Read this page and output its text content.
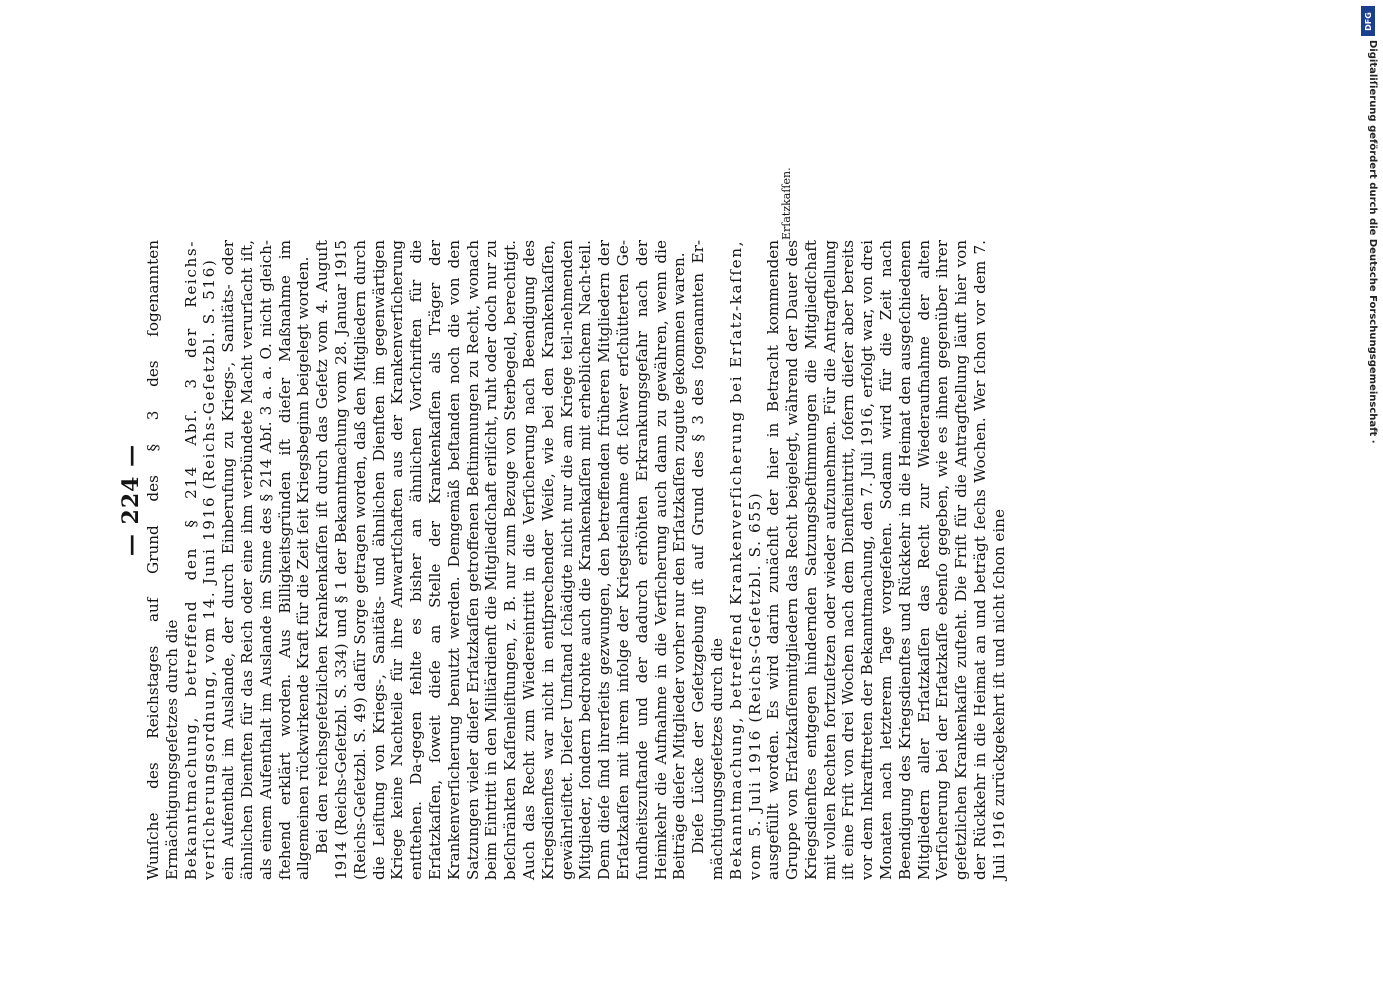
— 224 —
Erſatzkaſſen.

Wunſche des Reichstages auf Grund des § 3 des ſogenannten Ermächtigungsgeſetzes durch die Bekanntmachung, betreffend den § 214 Abſ. 3 der Reichs-verſicherungsordnung, vom 14. Juni 1916 (Reichs-Geſetzbl. S. 516) ein Aufenthalt im Auslande, der durch Einberufung zu Kriegs-, Sanitäts- oder ähnlichen Dienſten für das Reich oder eine ihm verbündete Macht verurſacht iſt, als einem Aufenthalt im Auslande im Sinne des § 214 Abſ. 3 a. a. O. nicht gleich-ſtehend erklärt worden. Aus Billigkeitsgründen iſt dieſer Maßnahme im allgemeinen rückwirkende Kraft für die Zeit ſeit Kriegsbeginn beigelegt worden. Bei den reichsgeſetzlichen Krankenkaſſen iſt durch das Geſetz vom 4. Auguſt 1914 (Reichs-Geſetzbl. S. 334) und § 1 der Bekanntmachung vom 28. Januar 1915 (Reichs-Geſetzbl. S. 49) dafür Sorge getragen worden, daß den Mitgliedern durch die Leiſtung von Kriegs-, Sanitäts- und ähnlichen Dienſten im gegenwärtigen Kriege keine Nachteile für ihre Anwartſchaften aus der Krankenverſicherung entſtehen. Da-gegen fehlte es bisher an ähnlichen Vorſchriften für die Erſatzkaſſen, ſoweit dieſe an Stelle der Krankenkaſſen als Träger der Krankenverſicherung benutzt werden. Demgemäß beſtanden noch die von den Satzungen vieler dieſer Erſatzkaſſen getroffenen Beſtimmungen zu Recht, wonach beim Eintritt in den Militärdienſt die Mitgliedſchaft erliſcht, ruht oder doch nur zu beſchränkten Kaſſenleiſtungen, z. B. nur zum Bezuge von Sterbegeld, berechtigt. Auch das Recht zum Wiedereintritt in die Verſicherung nach Beendigung des Kriegsdienſtes war nicht in entſprechender Weiſe, wie bei den Krankenkaſſen, gewährleiſtet. Dieſer Umſtand ſchädigte nicht nur die am Kriege teil-nehmenden Mitglieder, ſondern bedrohte auch die Krankenkaſſen mit erheblichem Nach-teil. Denn dieſe ſind ihrerſeits gezwungen, den betreffenden früheren Mitgliedern der Erſatzkaſſen mit ihrem infolge der Kriegsteilnahme oft ſchwer erſchütterten Ge-ſundheitszuſtande und der dadurch erhöhten Erkrankungsgefahr nach der Heimkehr die Aufnahme in die Verſicherung auch dann zu gewähren, wenn die Beiträge dieſer Mitglieder vorher nur den Erſatzkaſſen zugute gekommen waren. Dieſe Lücke der Geſetzgebung iſt auf Grund des § 3 des ſogenannten Er-mächtigungsgeſetzes durch die Bekanntmachung, betreffend Krankenverſicherung bei Erſatz-kaſſen, vom 5. Juli 1916 (Reichs-Geſetzbl. S. 655) ausgefüllt worden. Es wird darin zunächſt der hier in Betracht kommenden Gruppe von Erſatzkaſſenmitgliedern das Recht beigelegt, während der Dauer des Kriegsdienſtes entgegen hindernden Satzungsbeſtimmungen die Mitgliedſchaft mit vollen Rechten fortzuſetzen oder wieder aufzunehmen. Für die Antragſtellung iſt eine Friſt von drei Wochen nach dem Dienſteintritt, ſofern dieſer aber bereits vor dem Inkrafttreten der Bekanntmachung, den 7. Juli 1916, erfolgt war, von drei Monaten nach letzterem Tage vorgeſehen. Sodann wird für die Zeit nach Beendigung des Kriegsdienſtes und Rückkehr in die Heimat den ausgeſchiedenen Mitgliedern aller Erſatzkaſſen das Recht zur Wiederaufnahme der alten Verſicherung bei der Erſatzkaſſe ebenſo gegeben, wie es ihnen gegenüber ihrer geſetzlichen Krankenkaſſe zuſteht. Die Friſt für die Antragſtellung läuft hier von der Rückkehr in die Heimat an und beträgt ſechs Wochen. Wer ſchon vor dem 7. Juli 1916 zurückgekehrt iſt und nicht ſchon eine

DFG
Digitaliſierung gefördert durch die Deutsche Forschungsgemeinschaft ·
